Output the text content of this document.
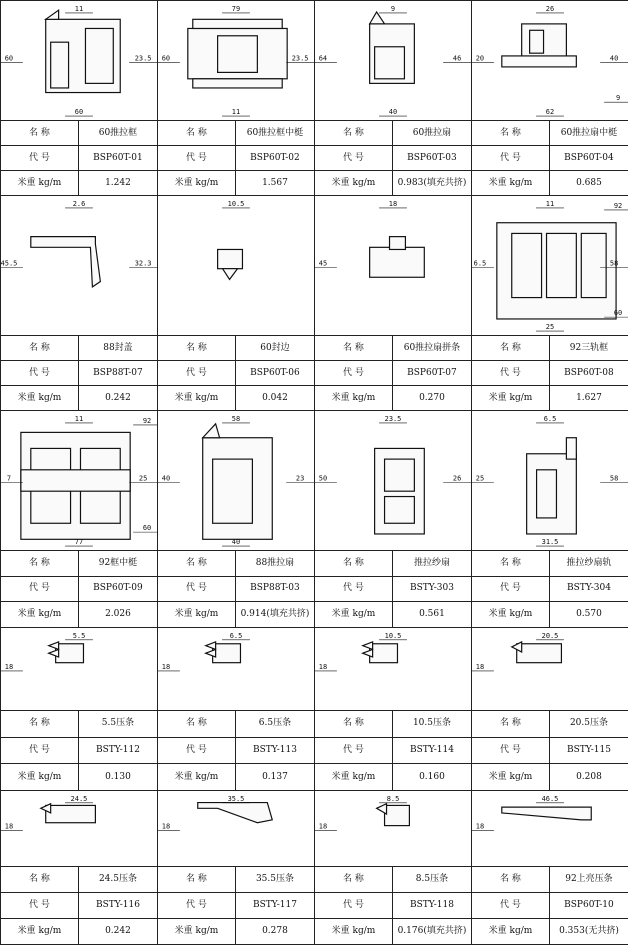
11
60	23.5
60
名 称	60推拉框
代 号	BSP60T-01
米重 kg/m	1.242
79
60	23.5
11
名 称	60推拉框中梃
代 号	BSP60T-02
米重 kg/m	1.567
9
64	46
40
名 称	60推拉扇
代 号	BSP60T-03
米重 kg/m	0.983(填充共挤)
26
20	40
62
9
名 称	60推拉扇中梃
代 号	BSP60T-04
米重 kg/m	0.685
2.6
45.5	32.3
名 称	88封盖
代 号	BSP88T-07
米重 kg/m	0.242
10.5
名 称	60封边
代 号	BSP60T-06
米重 kg/m	0.042
18
45
名 称	60推拉扇拼条
代 号	BSP60T-07
米重 kg/m	0.270
11
6.5	58
25
60
92
名 称	92三轨框
代 号	BSP60T-08
米重 kg/m	1.627
11
7	25
77
60
92
名 称	92框中梃
代 号	BSP60T-09
米重 kg/m	2.026
58
40	23
40
名 称	88推拉扇
代 号	BSP88T-03
米重 kg/m	0.914(填充共挤)
23.5
50	26
名 称	推拉纱扇
代 号	BSTY-303
米重 kg/m	0.561
6.5
25	58
31.5
名 称	推拉纱扇轨
代 号	BSTY-304
米重 kg/m	0.570
5.5
18
名 称	5.5压条
代 号	BSTY-112
米重 kg/m	0.130
6.5
18
名 称	6.5压条
代 号	BSTY-113
米重 kg/m	0.137
10.5
18
名 称	10.5压条
代 号	BSTY-114
米重 kg/m	0.160
20.5
18
名 称	20.5压条
代 号	BSTY-115
米重 kg/m	0.208
24.5
18
名 称	24.5压条
代 号	BSTY-116
米重 kg/m	0.242
35.5
18
名 称	35.5压条
代 号	BSTY-117
米重 kg/m	0.278
8.5
18
名 称	8.5压条
代 号	BSTY-118
米重 kg/m	0.176(填充共挤)
46.5
18
名 称	92上亮压条
代 号	BSP60T-10
米重 kg/m	0.353(无共挤)
